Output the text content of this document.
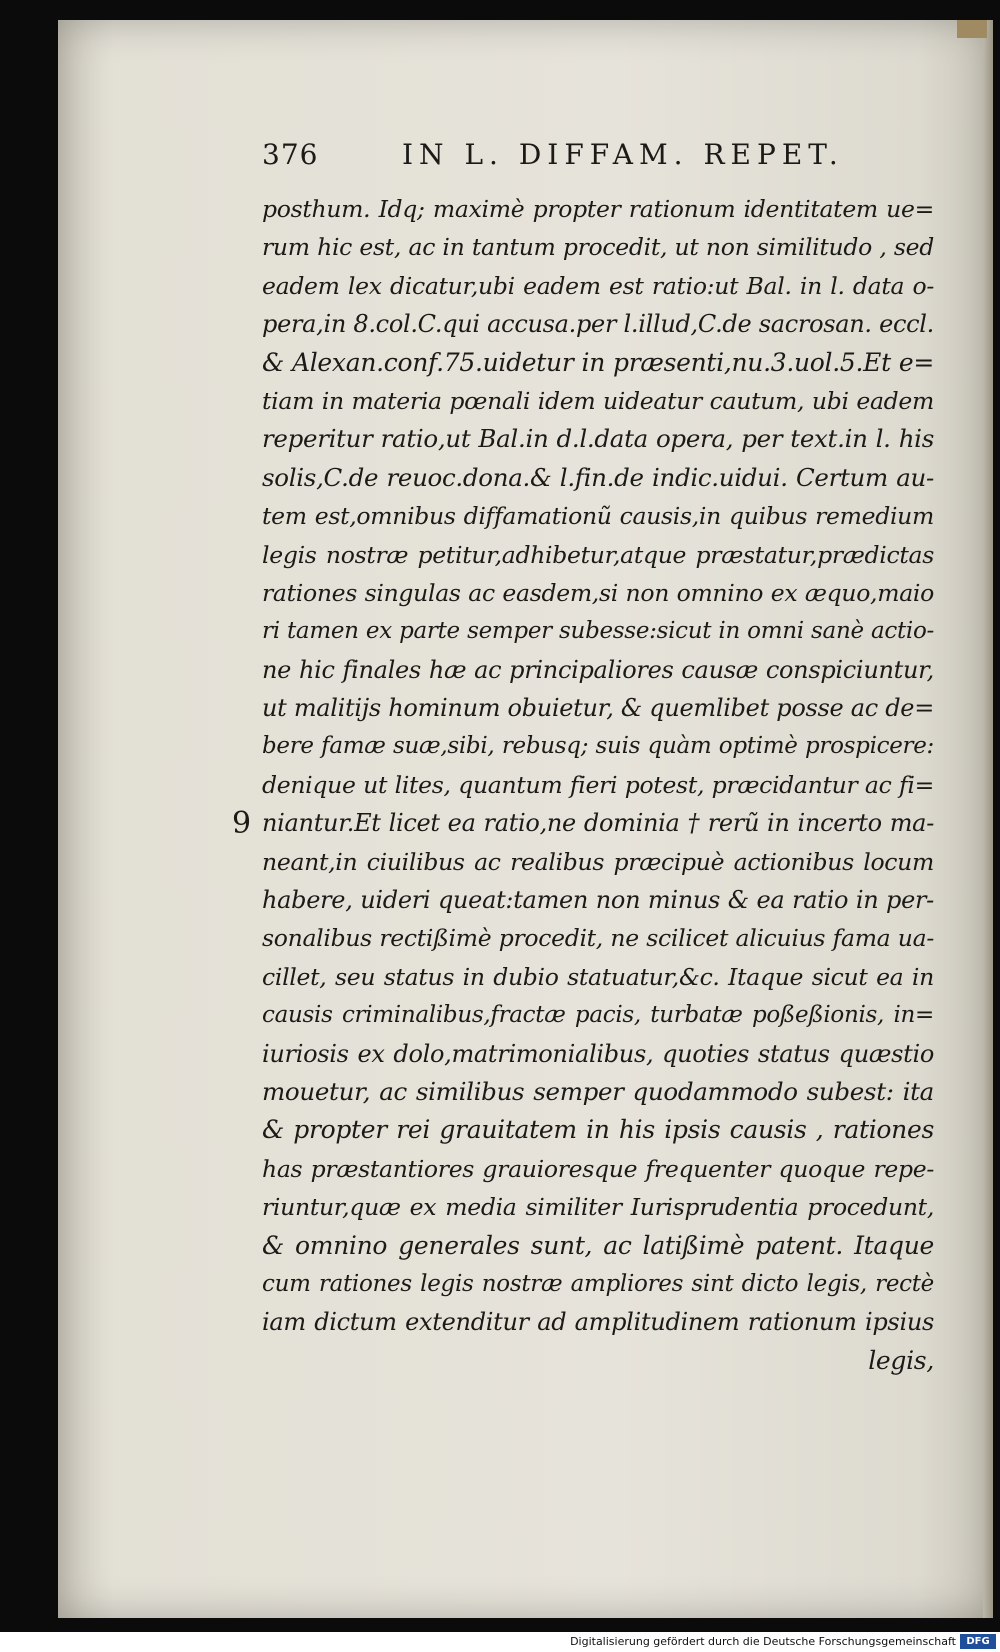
376	IN L. DIFFAM. REPET.
9
posthum. Idq; maximè propter rationum identitatem ue=
rum hic est, ac in tantum procedit, ut non similitudo , sed
eadem lex dicatur,ubi eadem est ratio:ut Bal. in l. data o-
pera,in 8.col.C.qui accusa.per l.illud,C.de sacrosan. eccl.
& Alexan.conf.75.uidetur in præsenti,nu.3.uol.5.Et e=
tiam in materia pœnali idem uideatur cautum, ubi eadem
reperitur ratio,ut Bal.in d.l.data opera, per text.in l. his
solis,C.de reuoc.dona.& l.fin.de indic.uidui. Certum au-
tem est,omnibus diffamationũ causis,in quibus remedium
legis nostræ petitur,adhibetur,atque præstatur,prædictas
rationes singulas ac easdem,si non omnino ex æquo,maio
ri tamen ex parte semper subesse:sicut in omni sanè actio-
ne hic finales hæ ac principaliores causæ conspiciuntur,
ut malitijs hominum obuietur, & quemlibet posse ac de=
bere famæ suæ,sibi, rebusq; suis quàm optimè prospicere:
denique ut lites, quantum fieri potest, præcidantur ac fi=
niantur.Et licet ea ratio,ne dominia † rerũ in incerto ma-
neant,in ciuilibus ac realibus præcipuè actionibus locum
habere, uideri queat:tamen non minus & ea ratio in per-
sonalibus rectißimè procedit, ne scilicet alicuius fama ua-
cillet, seu status in dubio statuatur,&c. Itaque sicut ea in
causis criminalibus,fractæ pacis, turbatæ poßeßionis, in=
iuriosis ex dolo,matrimonialibus, quoties status quæstio
mouetur, ac similibus semper quodammodo subest: ita
& propter rei grauitatem in his ipsis causis , rationes
has præstantiores grauioresque frequenter quoque repe-
riuntur,quæ ex media similiter Iurisprudentia procedunt,
& omnino generales sunt, ac latißimè patent. Itaque
cum rationes legis nostræ ampliores sint dicto legis, rectè
iam dictum extenditur ad amplitudinem rationum ipsius
legis,
Digitalisierung gefördert durch die Deutsche Forschungsgemeinschaft	DFG
